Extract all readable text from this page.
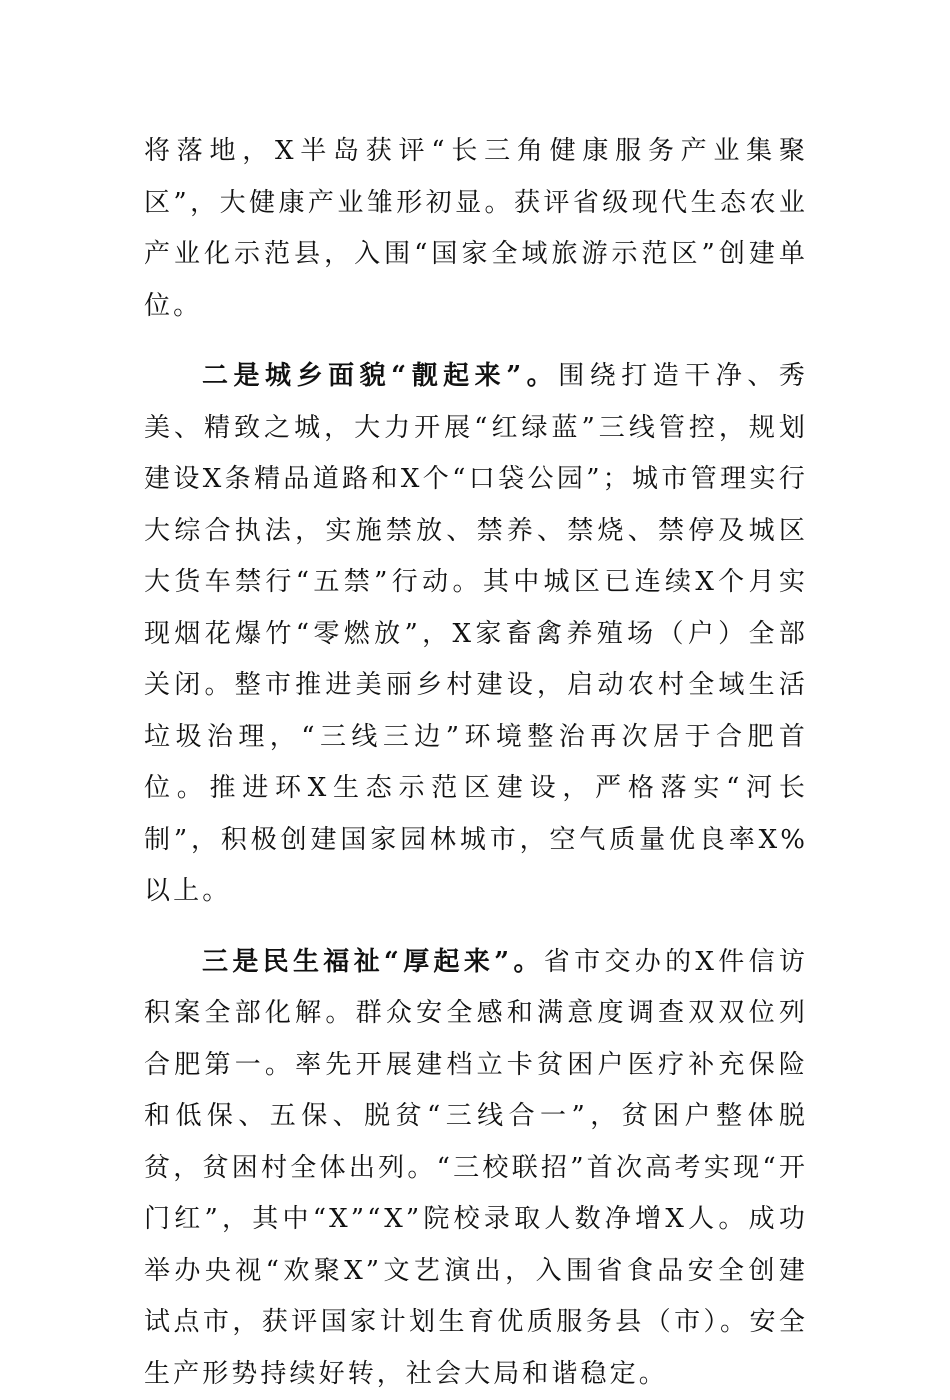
将落地，X半岛获评“长三角健康服务产业集聚区”，大健康产业雏形初显。获评省级现代生态农业产业化示范县，入围“国家全域旅游示范区”创建单位。

二是城乡面貌“靓起来”。围绕打造干净、秀美、精致之城，大力开展“红绿蓝”三线管控，规划建设X条精品道路和X个“口袋公园”；城市管理实行大综合执法，实施禁放、禁养、禁烧、禁停及城区大货车禁行“五禁”行动。其中城区已连续X个月实现烟花爆竹“零燃放”，X家畜禽养殖场（户）全部关闭。整市推进美丽乡村建设，启动农村全域生活垃圾治理，“三线三边”环境整治再次居于合肥首位。推进环X生态示范区建设，严格落实“河长制”，积极创建国家园林城市，空气质量优良率X%以上。

三是民生福祉“厚起来”。省市交办的X件信访积案全部化解。群众安全感和满意度调查双双位列合肥第一。率先开展建档立卡贫困户医疗补充保险和低保、五保、脱贫“三线合一”，贫困户整体脱贫，贫困村全体出列。“三校联招”首次高考实现“开门红”，其中“X”“X”院校录取人数净增X人。成功举办央视“欢聚X”文艺演出，入围省食品安全创建试点市，获评国家计划生育优质服务县（市）。安全生产形势持续好转，社会大局和谐稳定。
